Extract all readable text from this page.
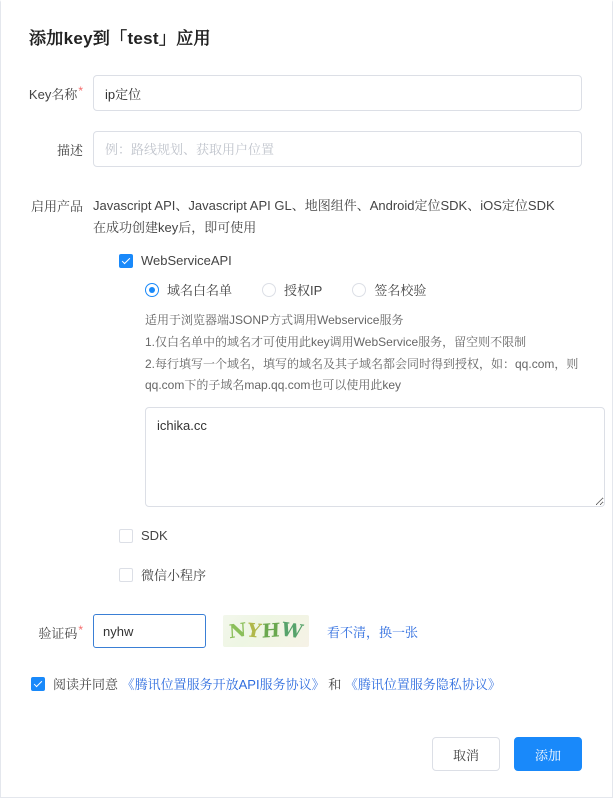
添加key到「test」应用
Key名称*
ip定位
描述
例：路线规划、获取用户位置
启用产品 Javascript API、Javascript API GL、地图组件、Android定位SDK、iOS定位SDK在成功创建key后，即可使用
WebServiceAPI
域名白名单	授权IP	签名校验
适用于浏览器端JSONP方式调用Webservice服务
1.仅白名单中的域名才可使用此key调用WebService服务，留空则不限制
2.每行填写一个域名，填写的域名及其子域名都会同时得到授权，如：qq.com，则qq.com下的子域名map.qq.com也可以使用此key
ichika.cc
SDK
微信小程序
验证码*
nyhw	NYHW 看不清，换一张
阅读并同意 《腾讯位置服务开放API服务协议》 和 《腾讯位置服务隐私协议》
取消	添加
